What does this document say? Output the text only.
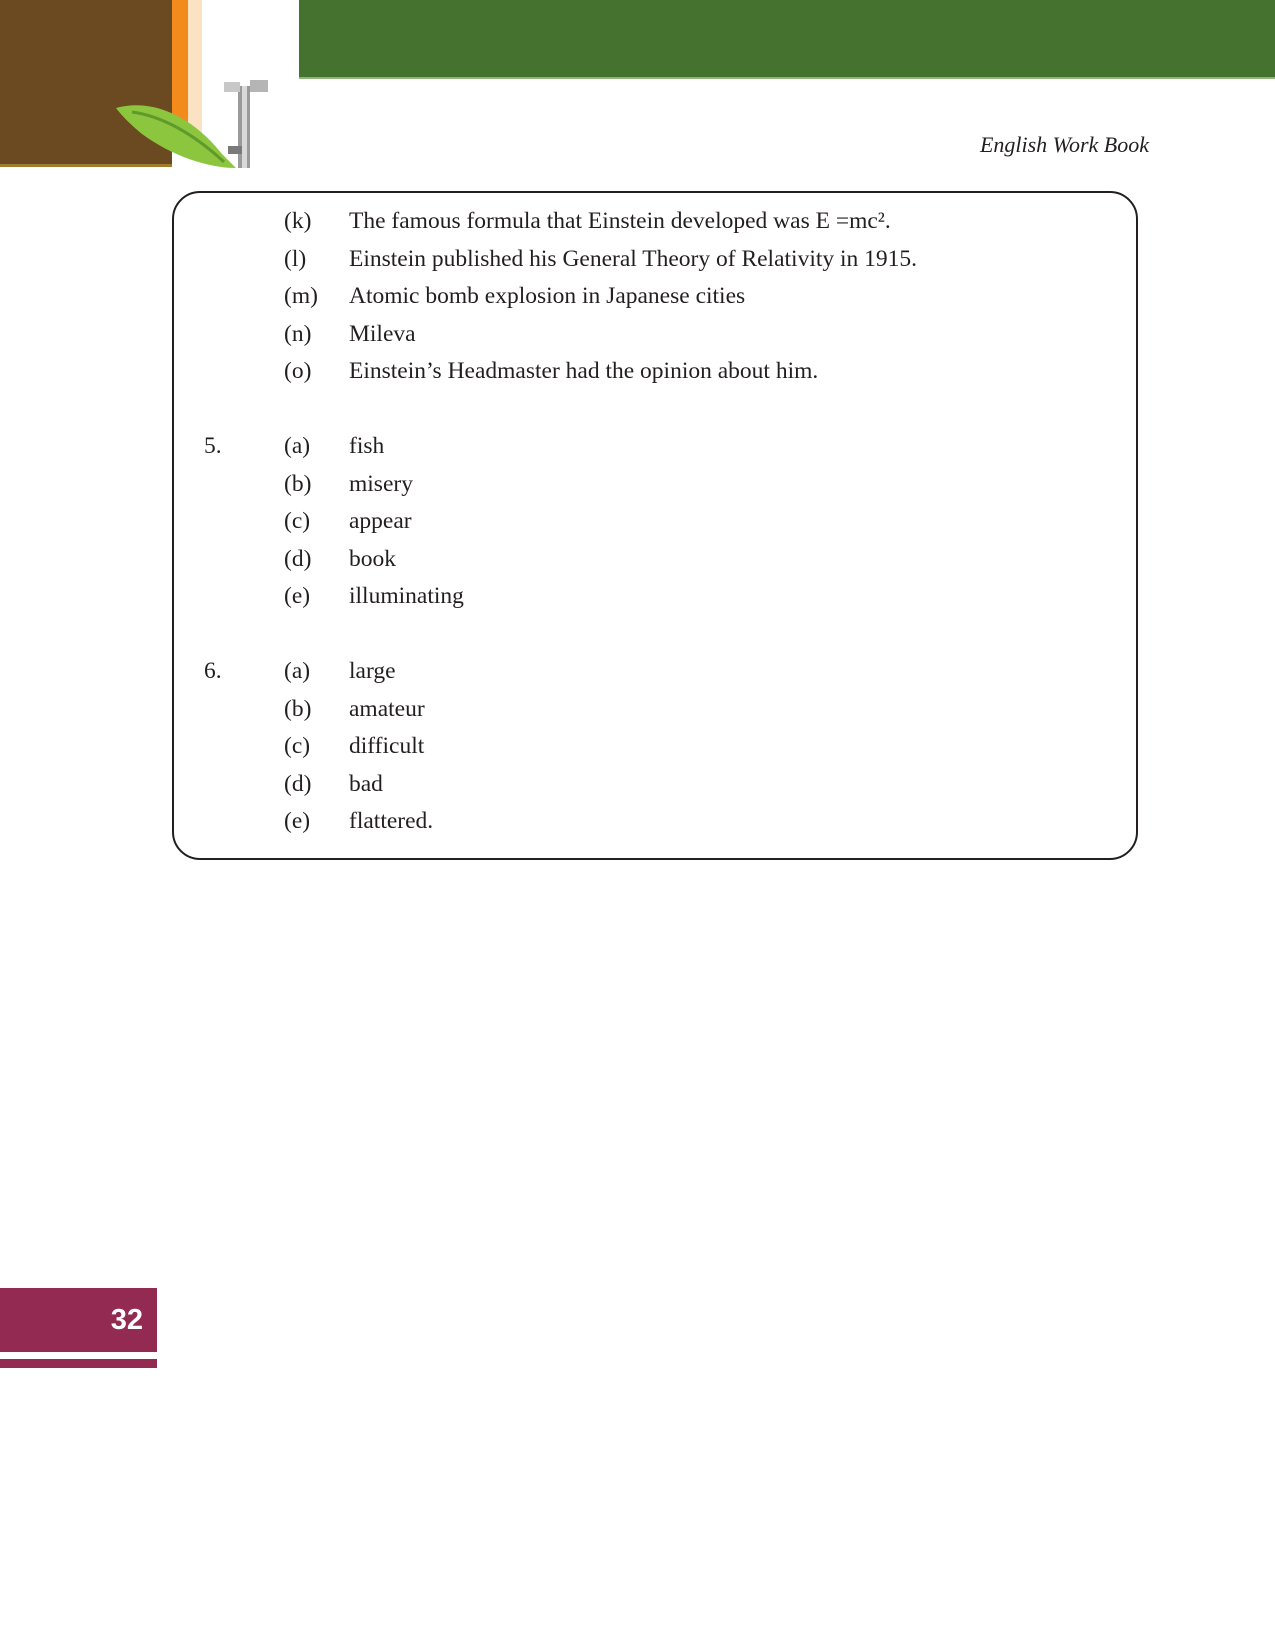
English Work Book
(k) The famous formula that Einstein developed was E =mc².
(l) Einstein published his General Theory of Relativity in 1915.
(m) Atomic bomb explosion in Japanese cities
(n) Mileva
(o) Einstein’s Headmaster had the opinion about him.
5.	(a) fish
(b) misery
(c) appear
(d) book
(e) illuminating
6.	(a) large
(b) amateur
(c) difficult
(d) bad
(e) flattered.
32
